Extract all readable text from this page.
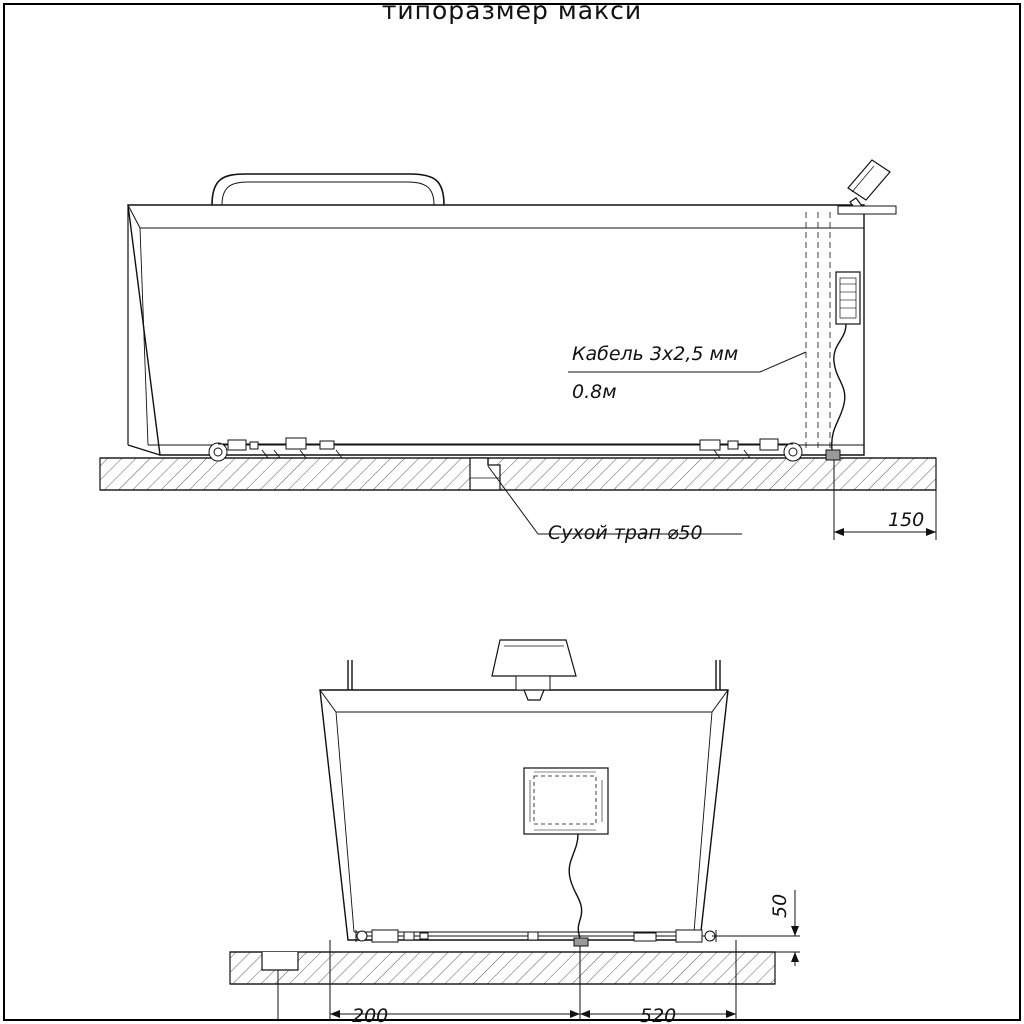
типоразмер макси
Кабель 3х2,5 мм
0.8м
Сухой трап ⌀50
150
50
200	520
